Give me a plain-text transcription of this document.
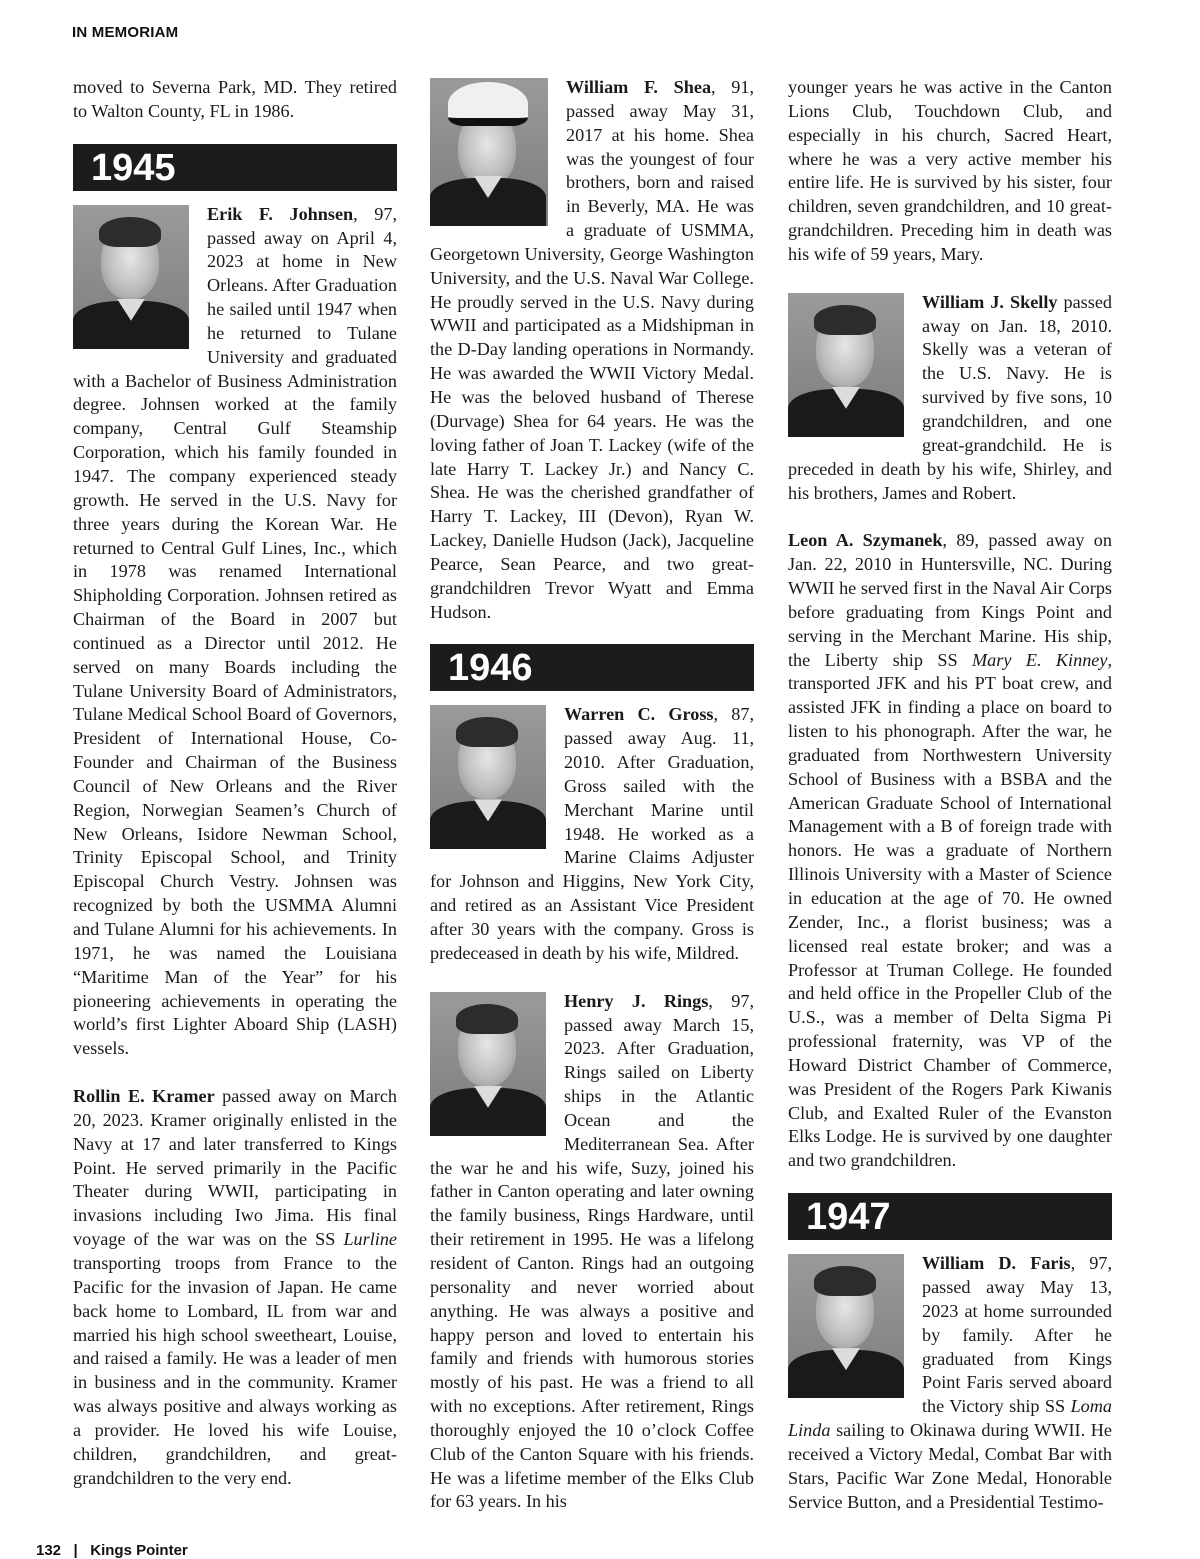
IN MEMORIAM

moved to Severna Park, MD. They retired to Walton County, FL in 1986.

1945

Erik F. Johnsen, 97, passed away on April 4, 2023 at home in New Orleans. After Graduation he sailed until 1947 when he returned to Tulane University and graduated with a Bachelor of Business Administration degree. Johnsen worked at the family company, Central Gulf Steamship Corporation, which his family founded in 1947. The company experienced steady growth. He served in the U.S. Navy for three years during the Korean War. He returned to Central Gulf Lines, Inc., which in 1978 was renamed International Shipholding Corporation. Johnsen retired as Chairman of the Board in 2007 but continued as a Director until 2012. He served on many Boards including the Tulane University Board of Administrators, Tulane Medical School Board of Governors, President of International House, Co-Founder and Chairman of the Business Council of New Orleans and the River Region, Norwegian Seamen’s Church of New Orleans, Isidore Newman School, Trinity Episcopal School, and Trinity Episcopal Church Vestry. Johnsen was recognized by both the USMMA Alumni and Tulane Alumni for his achievements. In 1971, he was named the Louisiana “Maritime Man of the Year” for his pioneering achievements in operating the world’s first Lighter Aboard Ship (LASH) vessels.

Rollin E. Kramer passed away on March 20, 2023. Kramer originally enlisted in the Navy at 17 and later transferred to Kings Point. He served primarily in the Pacific Theater during WWII, participating in invasions including Iwo Jima. His final voyage of the war was on the SS Lurline transporting troops from France to the Pacific for the invasion of Japan. He came back home to Lombard, IL from war and married his high school sweetheart, Louise, and raised a family. He was a leader of men in business and in the community. Kramer was always positive and always working as a provider. He loved his wife Louise, children, grandchildren, and great-grandchildren to the very end.

William F. Shea, 91, passed away May 31, 2017 at his home. Shea was the youngest of four brothers, born and raised in Beverly, MA. He was a graduate of USMMA, Georgetown University, George Washington University, and the U.S. Naval War College. He proudly served in the U.S. Navy during WWII and participated as a Midshipman in the D-Day landing operations in Normandy. He was awarded the WWII Victory Medal. He was the beloved husband of Therese (Durvage) Shea for 64 years. He was the loving father of Joan T. Lackey (wife of the late Harry T. Lackey Jr.) and Nancy C. Shea. He was the cherished grandfather of Harry T. Lackey, III (Devon), Ryan W. Lackey, Danielle Hudson (Jack), Jacqueline Pearce, Sean Pearce, and two great-grandchildren Trevor Wyatt and Emma Hudson.

1946

Warren C. Gross, 87, passed away Aug. 11, 2010. After Graduation, Gross sailed with the Merchant Marine until 1948. He worked as a Marine Claims Adjuster for Johnson and Higgins, New York City, and retired as an Assistant Vice President after 30 years with the company. Gross is predeceased in death by his wife, Mildred.

Henry J. Rings, 97, passed away March 15, 2023. After Graduation, Rings sailed on Liberty ships in the Atlantic Ocean and the Mediterranean Sea. After the war he and his wife, Suzy, joined his father in Canton operating and later owning the family business, Rings Hardware, until their retirement in 1995. He was a lifelong resident of Canton. Rings had an outgoing personality and never worried about anything. He was always a positive and happy person and loved to entertain his family and friends with humorous stories mostly of his past. He was a friend to all with no exceptions. After retirement, Rings thoroughly enjoyed the 10 o’clock Coffee Club of the Canton Square with his friends. He was a lifetime member of the Elks Club for 63 years. In his

younger years he was active in the Canton Lions Club, Touchdown Club, and especially in his church, Sacred Heart, where he was a very active member his entire life. He is survived by his sister, four children, seven grandchildren, and 10 great-grandchildren. Preceding him in death was his wife of 59 years, Mary.

William J. Skelly passed away on Jan. 18, 2010. Skelly was a veteran of the U.S. Navy. He is survived by five sons, 10 grandchildren, and one great-grandchild. He is preceded in death by his wife, Shirley, and his brothers, James and Robert.

Leon A. Szymanek, 89, passed away on Jan. 22, 2010 in Huntersville, NC. During WWII he served first in the Naval Air Corps before graduating from Kings Point and serving in the Merchant Marine. His ship, the Liberty ship SS Mary E. Kinney, transported JFK and his PT boat crew, and assisted JFK in finding a place on board to listen to his phonograph. After the war, he graduated from Northwestern University School of Business with a BSBA and the American Graduate School of International Management with a B of foreign trade with honors. He was a graduate of Northern Illinois University with a Master of Science in education at the age of 70. He owned Zender, Inc., a florist business; was a licensed real estate broker; and was a Professor at Truman College. He founded and held office in the Propeller Club of the U.S., was a member of Delta Sigma Pi professional fraternity, was VP of the Howard District Chamber of Commerce, was President of the Rogers Park Kiwanis Club, and Exalted Ruler of the Evanston Elks Lodge. He is survived by one daughter and two grandchildren.

1947

William D. Faris, 97, passed away May 13, 2023 at home surrounded by family. After he graduated from Kings Point Faris served aboard the Victory ship SS Loma Linda sailing to Okinawa during WWII. He received a Victory Medal, Combat Bar with Stars, Pacific War Zone Medal, Honorable Service Button, and a Presidential Testimo-

132 | Kings Pointer
